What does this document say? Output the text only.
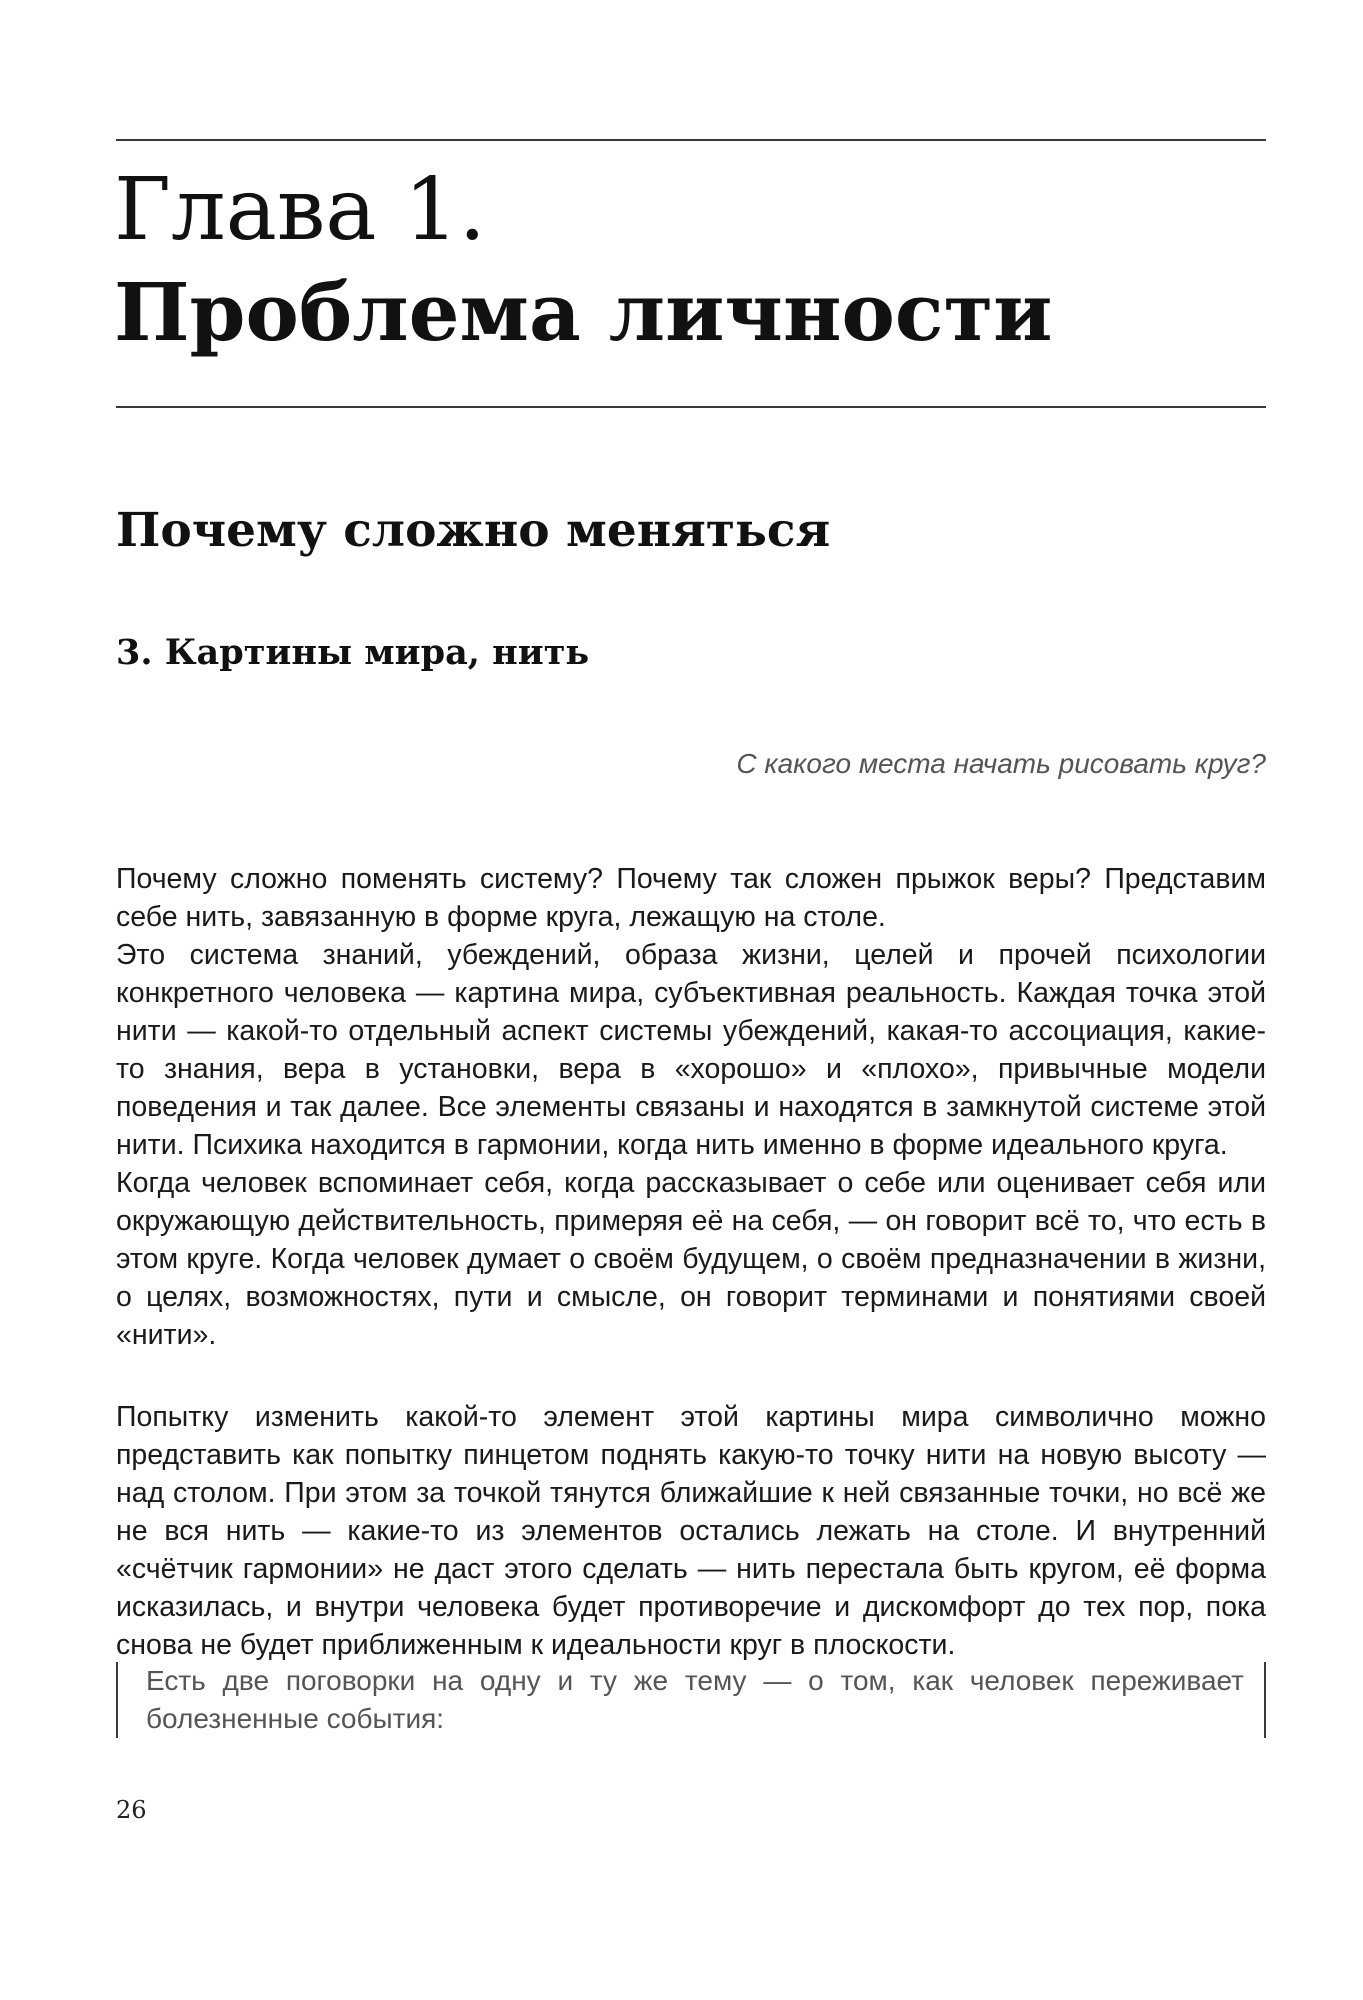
Глава 1.
Проблема личности
Почему сложно меняться
3. Картины мира, нить

С какого места начать рисовать круг?

Почему сложно поменять систему? Почему так сложен прыжок веры? Представим себе нить, завязанную в форме круга, лежащую на столе.

Это система знаний, убеждений, образа жизни, целей и прочей психологии конкретного человека — картина мира, субъективная реальность. Каждая точка этой нити — какой-то отдельный аспект системы убеждений, какая-то ассоциация, какие-то знания, вера в установки, вера в «хорошо» и «плохо», привычные модели поведения и так далее. Все элементы связаны и находятся в замкнутой системе этой нити. Психика находится в гармонии, когда нить именно в форме идеального круга.

Когда человек вспоминает себя, когда рассказывает о себе или оценивает себя или окружающую действительность, примеряя её на себя, — он говорит всё то, что есть в этом круге. Когда человек думает о своём будущем, о своём предназначении в жизни, о целях, возможностях, пути и смысле, он говорит терминами и понятиями своей «нити».

Попытку изменить какой-то элемент этой картины мира символично можно представить как попытку пинцетом поднять какую-то точку нити на новую высоту — над столом. При этом за точкой тянутся ближайшие к ней связанные точки, но всё же не вся нить — какие-то из элементов остались лежать на столе. И внутренний «счётчик гармонии» не даст этого сделать — нить перестала быть кругом, её форма исказилась, и внутри человека будет противоречие и дискомфорт до тех пор, пока снова не будет приближенным к идеальности круг в плоскости.

Есть две поговорки на одну и ту же тему — о том, как человек переживает болезненные события:

26
